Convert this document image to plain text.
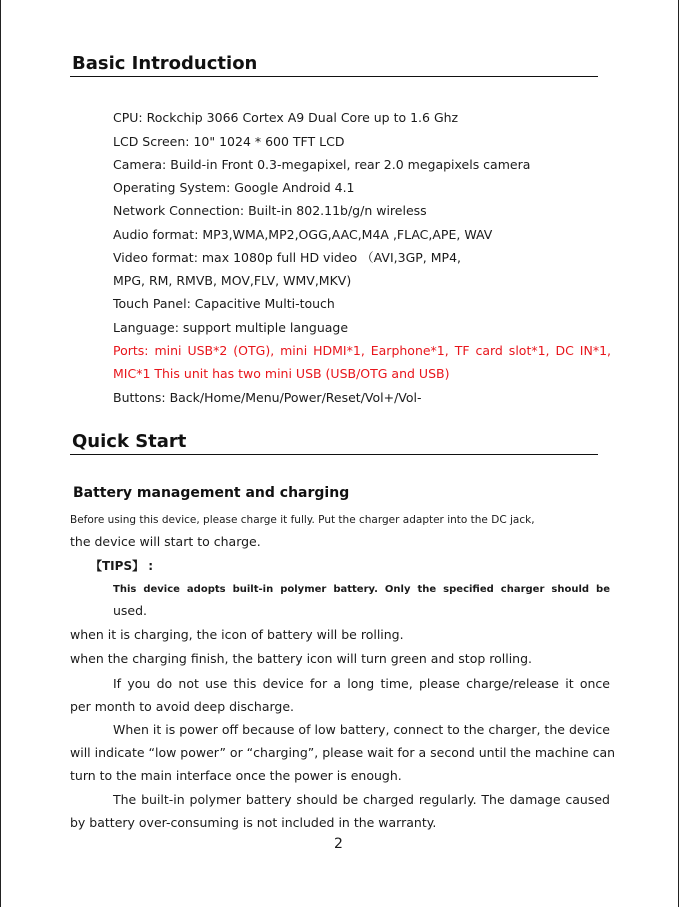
Basic Introduction
CPU: Rockchip 3066 Cortex A9 Dual Core up to 1.6 Ghz
LCD Screen: 10" 1024 * 600 TFT LCD
Camera: Build-in Front 0.3-megapixel, rear 2.0 megapixels camera
Operating System: Google Android 4.1
Network Connection: Built-in 802.11b/g/n wireless
Audio format: MP3,WMA,MP2,OGG,AAC,M4A ,FLAC,APE, WAV
Video format: max 1080p full HD video （AVI,3GP, MP4,
MPG, RM, RMVB, MOV,FLV, WMV,MKV)
Touch Panel: Capacitive Multi-touch
Language: support multiple language
Ports: mini USB*2 (OTG), mini HDMI*1, Earphone*1, TF card slot*1, DC IN*1,
MIC*1 This unit has two mini USB (USB/OTG and USB)
Buttons: Back/Home/Menu/Power/Reset/Vol+/Vol-
Quick Start
Battery management and charging
Before using this device, please charge it fully. Put the charger adapter into the DC jack,
the device will start to charge.
【TIPS】 :
This device adopts built-in polymer battery. Only the specified charger should be
used.
when it is charging, the icon of battery will be rolling.
when the charging finish, the battery icon will turn green and stop rolling.
If you do not use this device for a long time, please charge/release it once
per month to avoid deep discharge.
When it is power off because of low battery, connect to the charger, the device
will indicate “low power” or “charging”, please wait for a second until the machine can
turn to the main interface once the power is enough.
The built-in polymer battery should be charged regularly. The damage caused
by battery over-consuming is not included in the warranty.
2
